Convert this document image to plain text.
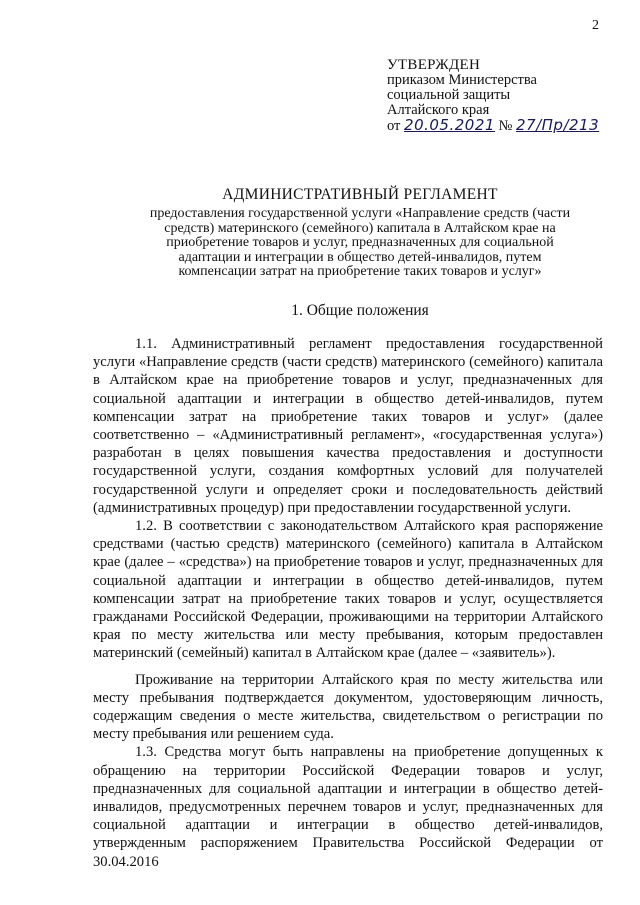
2
УТВЕРЖДЕН
приказом Министерства
социальной защиты
Алтайского края
от 20.05.2021 № 27/Пр/213
АДМИНИСТРАТИВНЫЙ РЕГЛАМЕНТ
предоставления государственной услуги «Направление средств (части средств) материнского (семейного) капитала в Алтайском крае на приобретение товаров и услуг, предназначенных для социальной адаптации и интеграции в общество детей-инвалидов, путем компенсации затрат на приобретение таких товаров и услуг»
1. Общие положения

1.1. Административный регламент предоставления государственной услуги «Направление средств (части средств) материнского (семейного) капитала в Алтайском крае на приобретение товаров и услуг, предназначенных для социальной адаптации и интеграции в общество детей-инвалидов, путем компенсации затрат на приобретение таких товаров и услуг» (далее соответственно – «Административный регламент», «государственная услуга») разработан в целях повышения качества предоставления и доступности государственной услуги, создания комфортных условий для получателей государственной услуги и определяет сроки и последовательность действий (административных процедур) при предоставлении государственной услуги.

1.2. В соответствии с законодательством Алтайского края распоряжение средствами (частью средств) материнского (семейного) капитала в Алтайском крае (далее – «средства») на приобретение товаров и услуг, предназначенных для социальной адаптации и интеграции в общество детей-инвалидов, путем компенсации затрат на приобретение таких товаров и услуг, осуществляется гражданами Российской Федерации, проживающими на территории Алтайского края по месту жительства или месту пребывания, которым предоставлен материнский (семейный) капитал в Алтайском крае (далее – «заявитель»).

Проживание на территории Алтайского края по месту жительства или месту пребывания подтверждается документом, удостоверяющим личность, содержащим сведения о месте жительства, свидетельством о регистрации по месту пребывания или решением суда.

1.3. Средства могут быть направлены на приобретение допущенных к обращению на территории Российской Федерации товаров и услуг, предназначенных для социальной адаптации и интеграции в общество детей-инвалидов, предусмотренных перечнем товаров и услуг, предназначенных для социальной адаптации и интеграции в общество детей-инвалидов, утвержденным распоряжением Правительства Российской Федерации от 30.04.2016
